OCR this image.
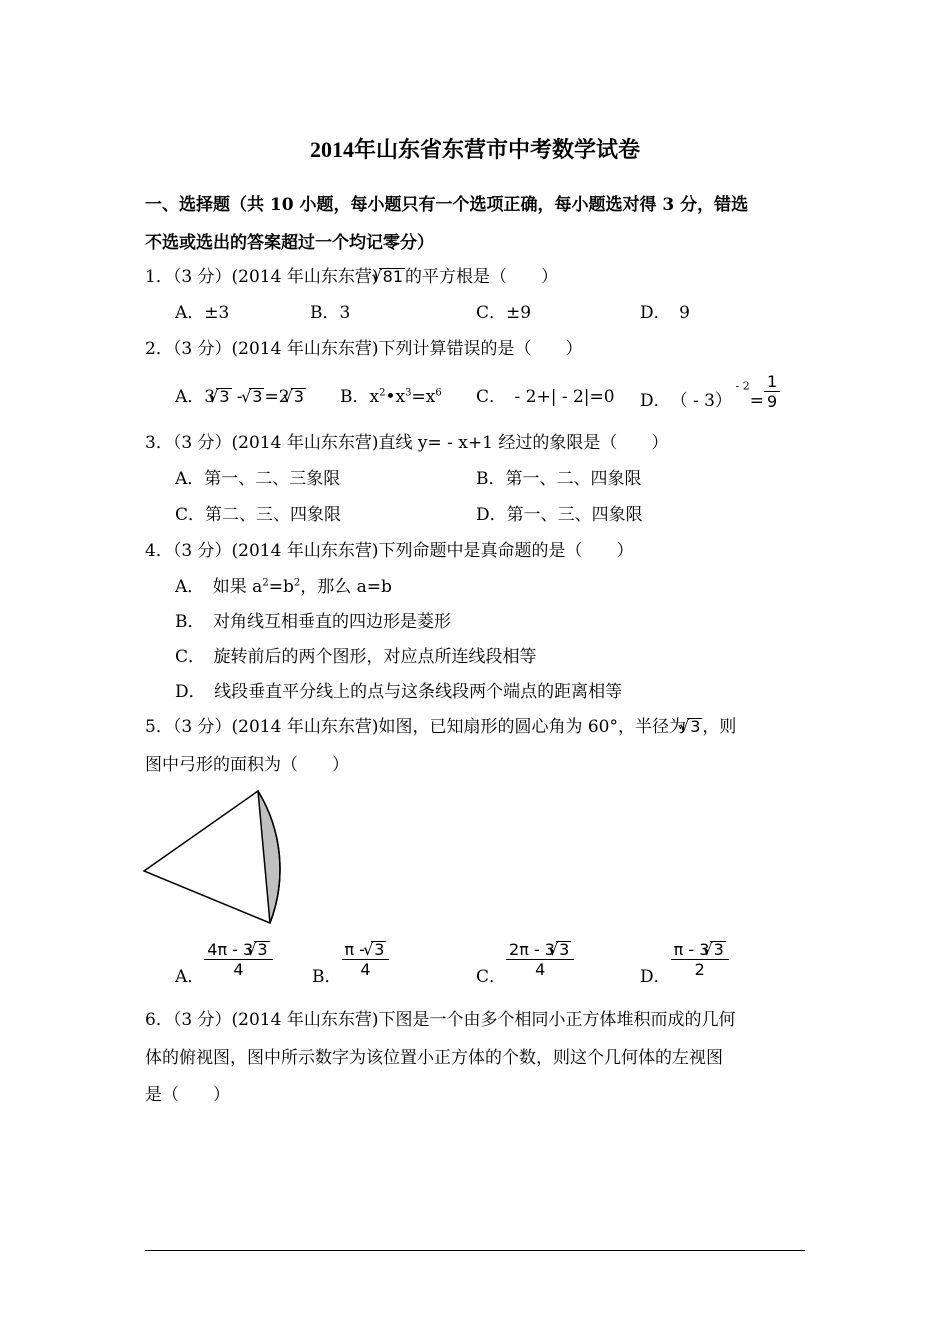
2014年山东省东营市中考数学试卷
一、选择题（共 10 小题，每小题只有一个选项正确，每小题选对得 3 分，错选
不选或选出的答案超过一个均记零分）
1．（3 分）(2014 年山东东营) √ 81 的平方根是（　　）
A．±3	B．3	C．±9	D．　9
2．（3 分）(2014 年山东东营)下列计算错误的是（　　）
A．3 √ 3 - √ 3 =2 √ 3 B．$x^2•x^3=x^6$ C．　- 2+| - 2|=0 D．　（ - 3） $^{- 2}= \frac{1}{9}$
3．（3 分）(2014 年山东东营)直线 y= - x+1 经过的象限是（　　）
A．第一、二、三象限	B．第一、二、四象限
C．第二、三、四象限	D．第一、三、四象限
4．（3 分）(2014 年山东东营)下列命题中是真命题的是（　　）
A．　如果 $a^2=b^2$，那么 a=b
B．　对角线互相垂直的四边形是菱形
C．　旋转前后的两个图形，对应点所连线段相等
D．　线段垂直平分线上的点与这条线段两个端点的距离相等
5．（3 分）(2014 年山东东营)如图，已知扇形的圆心角为 60°，半径为 √ 3 ，则
图中弓形的面积为（　　）
A． $\frac{4\pi - 3 √ 3}{4}$ B． $\frac{\pi - √ 3}{4}$	C． $\frac{2\pi - 3 √ 3}{4}$	D． $\frac{\pi - 3 √ 3}{2}$
6．（3 分）(2014 年山东东营)下图是一个由多个相同小正方体堆积而成的几何
体的俯视图，图中所示数字为该位置小正方体的个数，则这个几何体的左视图
是（　　）
